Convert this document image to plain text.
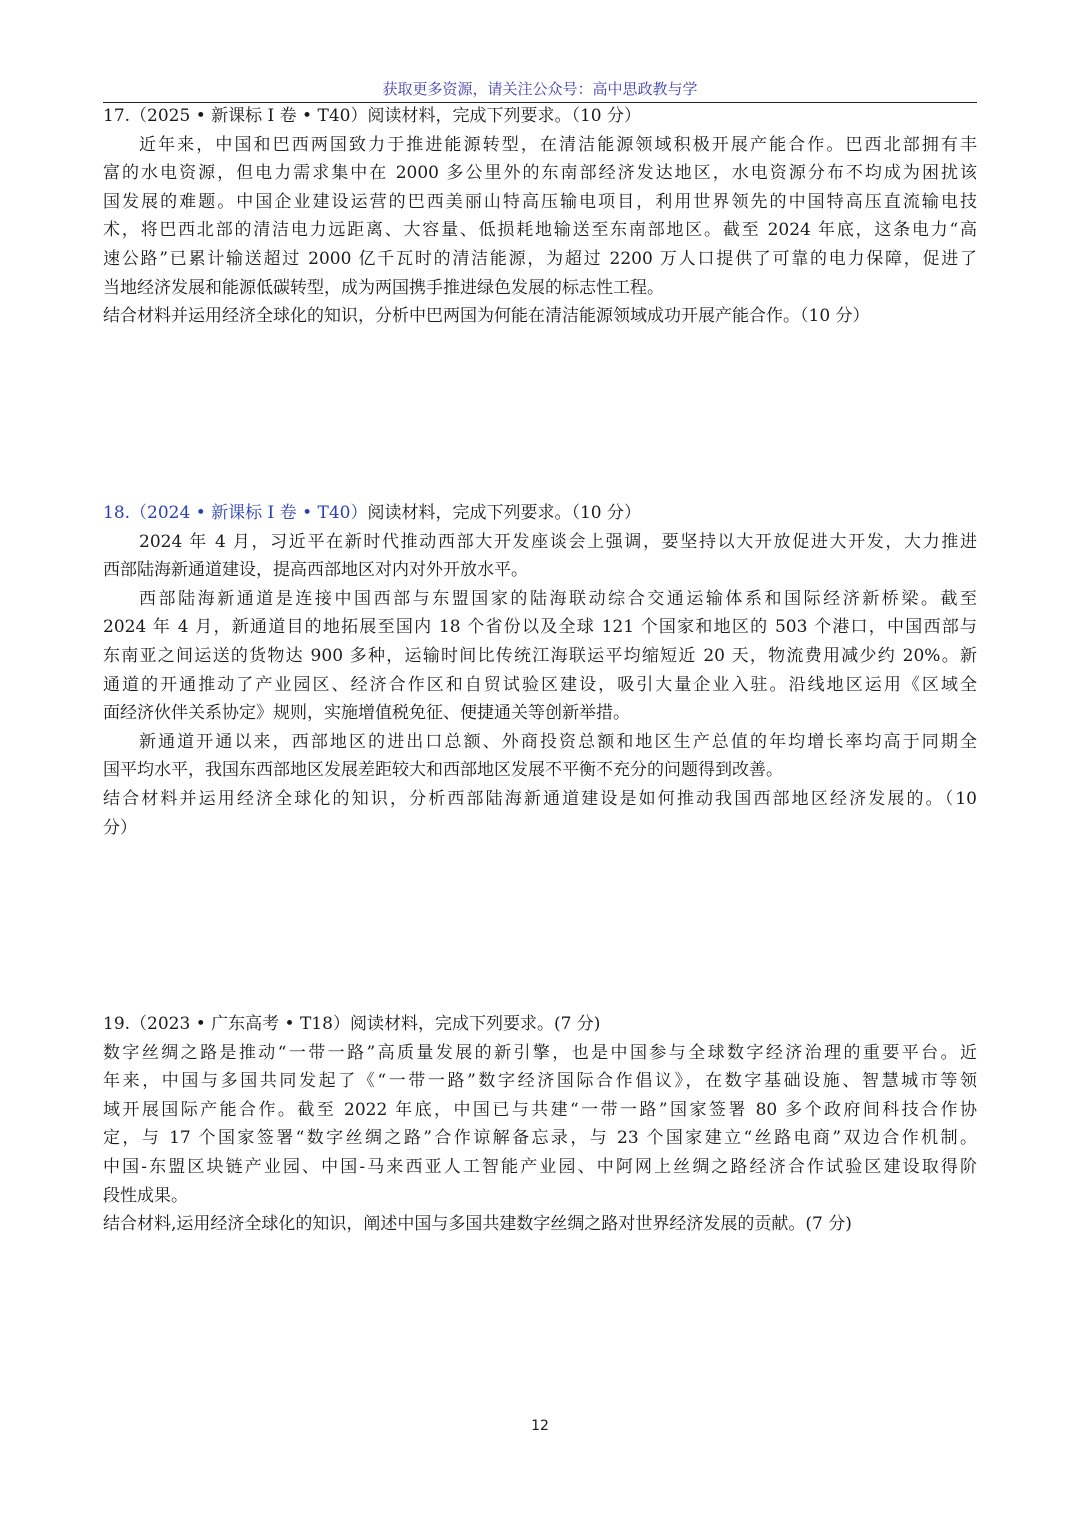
获取更多资源，请关注公众号：高中思政教与学

17.（2025 • 新课标 I 卷 • T40）阅读材料，完成下列要求。（10 分）

近年来，中国和巴西两国致力于推进能源转型，在清洁能源领域积极开展产能合作。巴西北部拥有丰

富的水电资源，但电力需求集中在 2000 多公里外的东南部经济发达地区，水电资源分布不均成为困扰该

国发展的难题。中国企业建设运营的巴西美丽山特高压输电项目，利用世界领先的中国特高压直流输电技

术，将巴西北部的清洁电力远距离、大容量、低损耗地输送至东南部地区。截至 2024 年底，这条电力“高

速公路”已累计输送超过 2000 亿千瓦时的清洁能源，为超过 2200 万人口提供了可靠的电力保障，促进了

当地经济发展和能源低碳转型，成为两国携手推进绿色发展的标志性工程。

结合材料并运用经济全球化的知识，分析中巴两国为何能在清洁能源领域成功开展产能合作。（10 分）

18.（2024 • 新课标 I 卷 • T40）阅读材料，完成下列要求。（10 分）

2024 年 4 月，习近平在新时代推动西部大开发座谈会上强调，要坚持以大开放促进大开发，大力推进

西部陆海新通道建设，提高西部地区对内对外开放水平。

西部陆海新通道是连接中国西部与东盟国家的陆海联动综合交通运输体系和国际经济新桥梁。截至

2024 年 4 月，新通道目的地拓展至国内 18 个省份以及全球 121 个国家和地区的 503 个港口，中国西部与

东南亚之间运送的货物达 900 多种，运输时间比传统江海联运平均缩短近 20 天，物流费用减少约 20%。新

通道的开通推动了产业园区、经济合作区和自贸试验区建设，吸引大量企业入驻。沿线地区运用《区域全

面经济伙伴关系协定》规则，实施增值税免征、便捷通关等创新举措。

新通道开通以来，西部地区的进出口总额、外商投资总额和地区生产总值的年均增长率均高于同期全

国平均水平，我国东西部地区发展差距较大和西部地区发展不平衡不充分的问题得到改善。

结合材料并运用经济全球化的知识，分析西部陆海新通道建设是如何推动我国西部地区经济发展的。（10

分）

19.（2023 • 广东高考 • T18）阅读材料，完成下列要求。(7 分)

数字丝绸之路是推动“一带一路”高质量发展的新引擎，也是中国参与全球数字经济治理的重要平台。近

年来，中国与多国共同发起了《“一带一路”数字经济国际合作倡议》，在数字基础设施、智慧城市等领

域开展国际产能合作。截至 2022 年底，中国已与共建“一带一路”国家签署 80 多个政府间科技合作协

定，与 17 个国家签署“数字丝绸之路”合作谅解备忘录，与 23 个国家建立“丝路电商”双边合作机制。

中国-东盟区块链产业园、中国-马来西亚人工智能产业园、中阿网上丝绸之路经济合作试验区建设取得阶

段性成果。

结合材料,运用经济全球化的知识，阐述中国与多国共建数字丝绸之路对世界经济发展的贡献。(7 分)

12
